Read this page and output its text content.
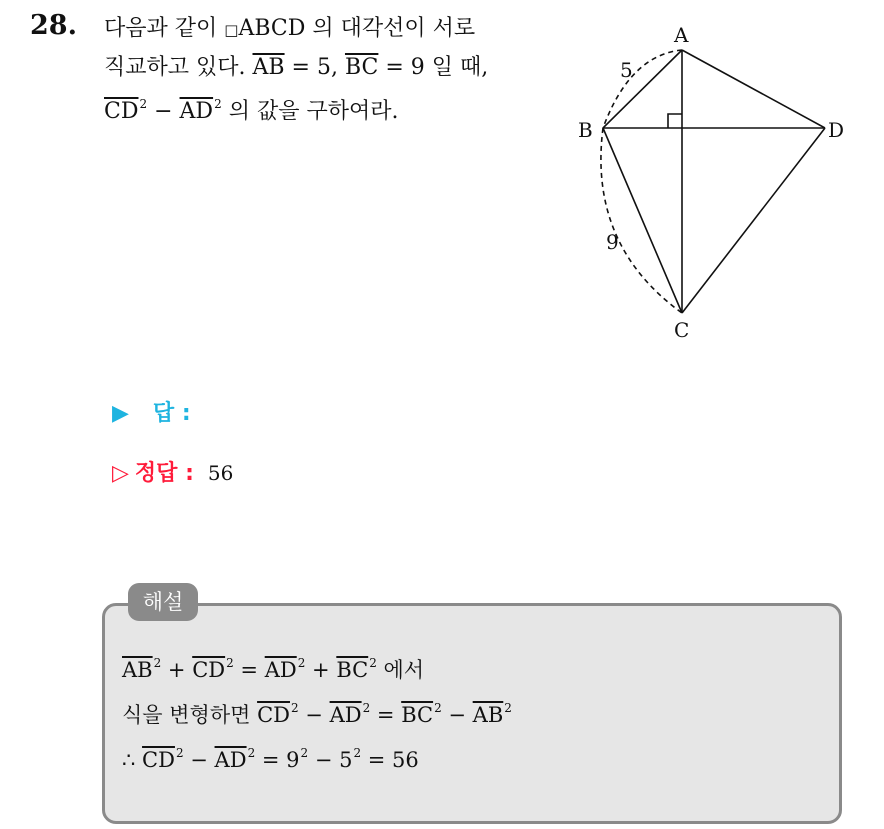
28. 다음과 같이 □ABCD 의 대각선이 서로
직교하고 있다. $\overline{AB} = 5$, $\overline{BC} = 9$ 일 때,
$\overline{CD}^2 - \overline{AD}^2$ 의 값을 구하여라.
A
B
C
D
5
9
▶ 답 :
▷ 정답 : 56
해설
$\overline{AB}^2 + \overline{CD}^2 = \overline{AD}^2 + \overline{BC}^2$ 에서
식을 변형하면 $\overline{CD}^2 - \overline{AD}^2 = \overline{BC}^2 - \overline{AB}^2$
∴ $\overline{CD}^2 - \overline{AD}^2 = 9^2 - 5^2 = 56$
